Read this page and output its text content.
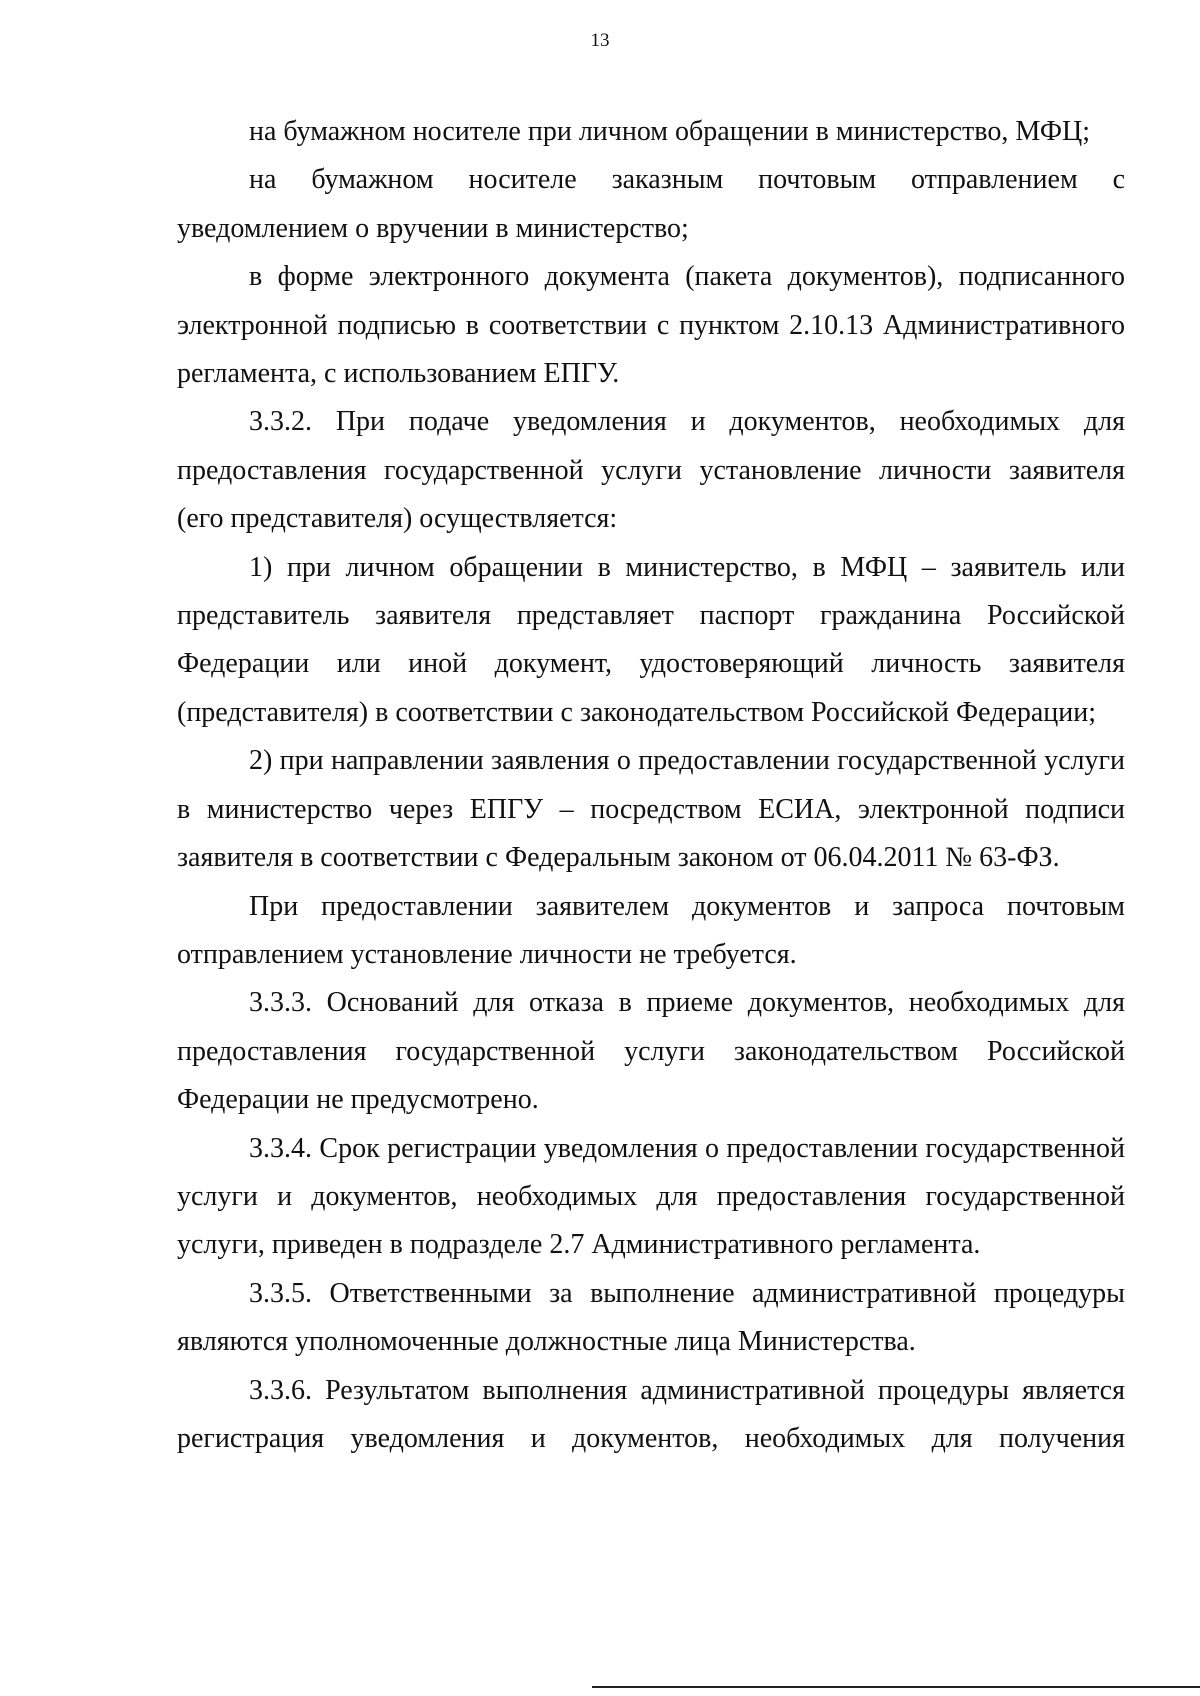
13

на бумажном носителе при личном обращении в министерство, МФЦ;

на бумажном носителе заказным почтовым отправлением с уведомлением о вручении в министерство;

в форме электронного документа (пакета документов), подписанного электронной подписью в соответствии с пунктом 2.10.13 Административного регламента, с использованием ЕПГУ.

3.3.2. При подаче уведомления и документов, необходимых для предоставления государственной услуги установление личности заявителя (его представителя) осуществляется:

1) при личном обращении в министерство, в МФЦ – заявитель или представитель заявителя представляет паспорт гражданина Российской Федерации или иной документ, удостоверяющий личность заявителя (представителя) в соответствии с законодательством Российской Федерации;

2) при направлении заявления о предоставлении государственной услуги в министерство через ЕПГУ – посредством ЕСИА, электронной подписи заявителя в соответствии с Федеральным законом от 06.04.2011 № 63-ФЗ.

При предоставлении заявителем документов и запроса почтовым отправлением установление личности не требуется.

3.3.3. Оснований для отказа в приеме документов, необходимых для предоставления государственной услуги законодательством Российской Федерации не предусмотрено.

3.3.4. Срок регистрации уведомления о предоставлении государственной услуги и документов, необходимых для предоставления государственной услуги, приведен в подразделе 2.7 Административного регламента.

3.3.5. Ответственными за выполнение административной процедуры являются уполномоченные должностные лица Министерства.

3.3.6. Результатом выполнения административной процедуры является регистрация уведомления и документов, необходимых для получения
